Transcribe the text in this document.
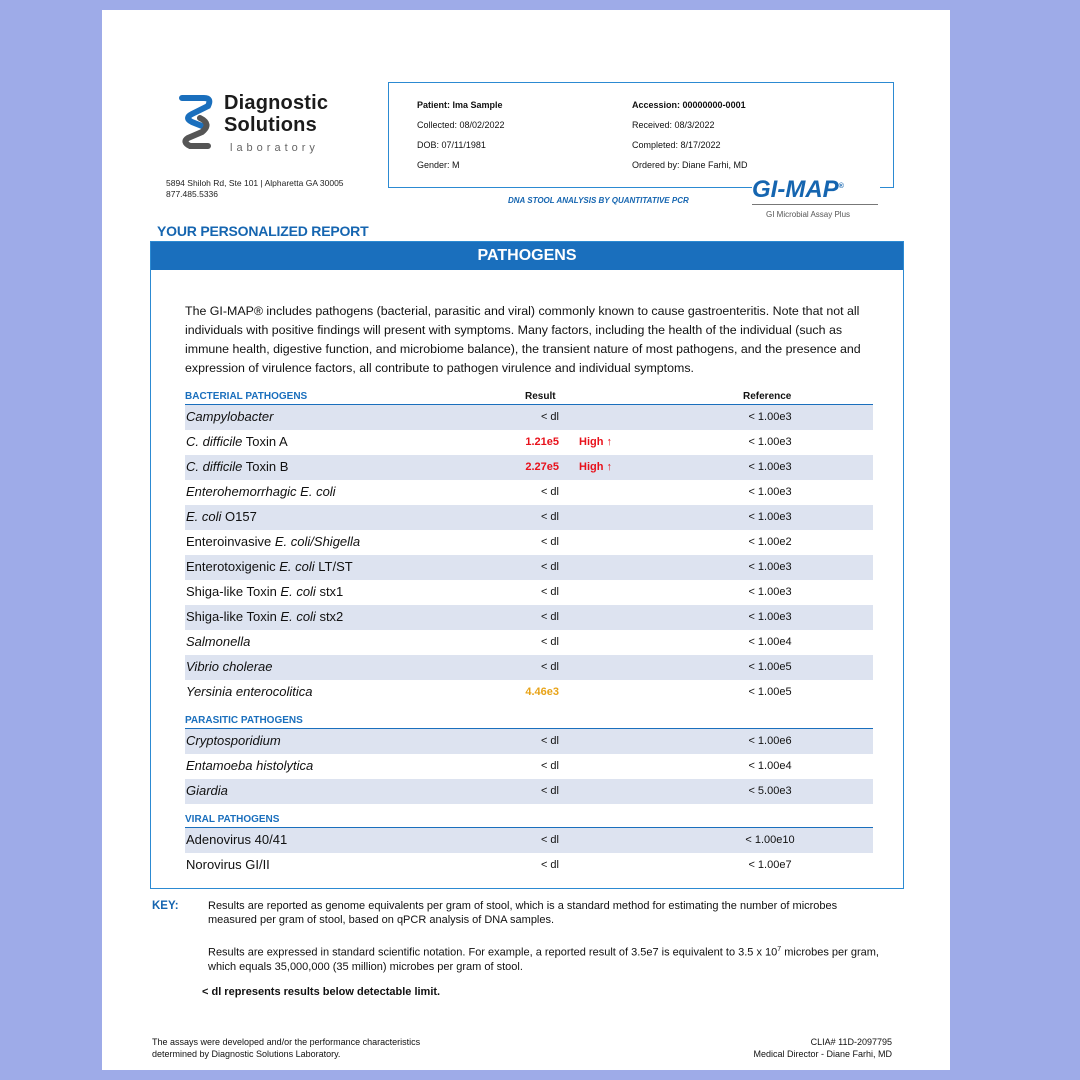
Diagnostic
Solutions
laboratory
5894 Shiloh Rd, Ste 101 | Alpharetta GA 30005
877.485.5336
Patient: Ima Sample
Collected: 08/02/2022
DOB: 07/11/1981
Gender: M
Accession: 00000000-0001
Received: 08/3/2022
Completed: 8/17/2022
Ordered by: Diane Farhi, MD
DNA STOOL ANALYSIS BY QUANTITATIVE PCR	GI-MAP®
GI Microbial Assay Plus
YOUR PERSONALIZED REPORT
PATHOGENS
The GI-MAP® includes pathogens (bacterial, parasitic and viral) commonly known to cause gastroenteritis. Note that not all individuals with positive findings will present with symptoms. Many factors, including the health of the individual (such as immune health, digestive function, and microbiome balance), the transient nature of most pathogens, and the presence and expression of virulence factors, all contribute to pathogen virulence and individual symptoms.
BACTERIAL PATHOGENS	Result	Reference
Campylobacter	< dl	< 1.00e3
C. difficile Toxin A	1.21e5 High ↑	< 1.00e3
C. difficile Toxin B	2.27e5 High ↑	< 1.00e3
Enterohemorrhagic E. coli	< dl	< 1.00e3
E. coli O157	< dl	< 1.00e3
Enteroinvasive E. coli/Shigella	< dl	< 1.00e2
Enterotoxigenic E. coli LT/ST	< dl	< 1.00e3
Shiga-like Toxin E. coli stx1	< dl	< 1.00e3
Shiga-like Toxin E. coli stx2	< dl	< 1.00e3
Salmonella	< dl	< 1.00e4
Vibrio cholerae	< dl	< 1.00e5
Yersinia enterocolitica	4.46e3	< 1.00e5
PARASITIC PATHOGENS
Cryptosporidium	< dl	< 1.00e6
Entamoeba histolytica	< dl	< 1.00e4
Giardia	< dl	< 5.00e3
VIRAL PATHOGENS
Adenovirus 40/41	< dl	< 1.00e10
Norovirus GI/II	< dl	< 1.00e7
KEY:	Results are reported as genome equivalents per gram of stool, which is a standard method for estimating the number of microbes measured per gram of stool, based on qPCR analysis of DNA samples.
Results are expressed in standard scientific notation. For example, a reported result of 3.5e7 is equivalent to 3.5 x $10^7$ microbes per gram, which equals 35,000,000 (35 million) microbes per gram of stool.
< dl represents results below detectable limit.
The assays were developed and/or the performance characteristics
determined by Diagnostic Solutions Laboratory.
CLIA# 11D-2097795
Medical Director - Diane Farhi, MD
